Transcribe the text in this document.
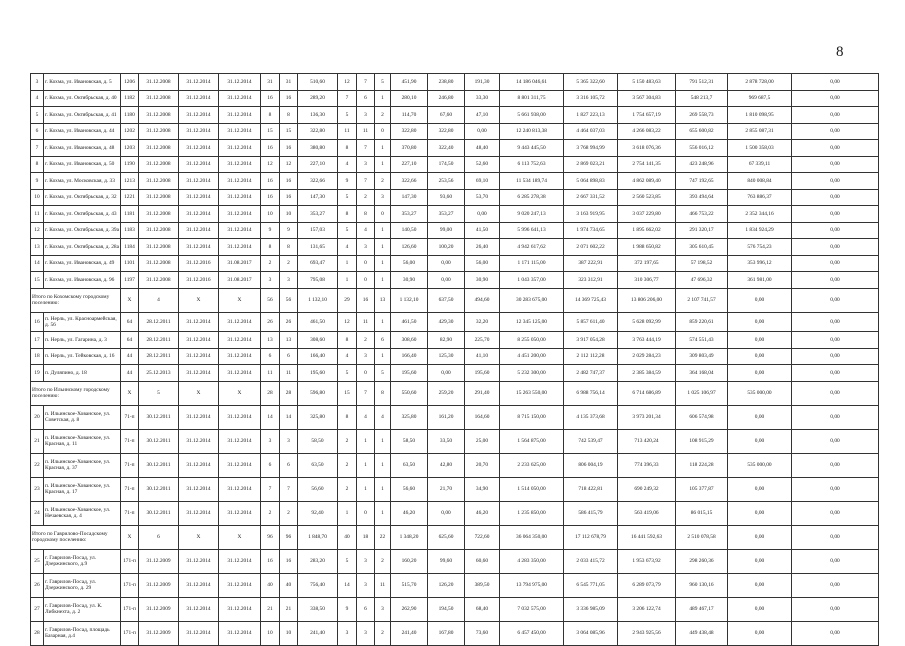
8
3	г. Кохма, ул. Ивановская, д. 5	1206	31.12.2008	31.12.2014	31.12.2014	31	31	510,60	12	7	5	451,90	238,80	191,30	14 186 046,61	5 365 322,60	5 150 483,63	791 512,31	2 878 728,00	0,00
4	г. Кохма, ул. Октябрьская, д. 40	1182	31.12.2008	31.12.2014	31.12.2014	16	16	289,20	7	6	1	280,10	246,80	33,30	8 801 311,75	3 316 105,72	3 567 304,83	548 213,7	969 687,5	0,00
5	г. Кохма, ул. Октябрьская, д. 41	1180	31.12.2008	31.12.2014	31.12.2014	8	8	136,30	5	3	2	114,70	67,60	47,10	5 661 938,00	1 827 223,13	1 754 657,19	269 558,73	1 810 098,95	0,00
6	г. Кохма, ул. Ивановская, д. 44	1202	31.12.2008	31.12.2014	31.12.2014	15	15	322,80	11	11	0	322,80	322,80	0,00	12 240 813,38	4 464 037,03	4 266 083,22	655 600,82	2 855 087,31	0,00
7	г. Кохма, ул. Ивановская, д. 48	1203	31.12.2008	31.12.2014	31.12.2014	16	16	380,80	8	7	1	370,80	322,40	48,40	9 443 445,50	3 768 994,99	3 618 076,36	556 016,12	1 500 358,03	0,00
8	г. Кохма, ул. Ивановская, д. 50	1190	31.12.2008	31.12.2014	31.12.2014	12	12	227,10	4	3	1	227,10	174,50	52,60	6 113 752,63	2 869 023,21	2 754 141,35	423 248,96	67 339,11	0,00
9	г. Кохма, ул. Московская, д. 33	1213	31.12.2008	31.12.2014	31.12.2014	16	16	322,66	9	7	2	322,66	253,56	69,10	11 534 189,74	5 064 898,83	4 862 089,40	747 192,65	840 008,84	0,00
10	г. Кохма, ул. Октябрьская, д. 32	1221	31.12.2008	31.12.2014	31.12.2014	16	16	147,30	5	2	3	147,30	93,60	53,70	6 285 278,38	2 667 331,52	2 560 523,85	393 494,64	763 886,37	0,00
11	г. Кохма, ул. Октябрьская, д. 43	1181	31.12.2008	31.12.2014	31.12.2014	10	10	353,27	8	8	0	353,27	353,27	0,00	9 020 247,13	3 163 919,95	3 037 229,80	466 753,22	2 352 344,16	0,00
12	г. Кохма, ул. Октябрьская, д. 39а	1183	31.12.2008	31.12.2014	31.12.2014	9	9	157,03	5	4	1	140,50	99,00	41,50	5 996 641,13	1 974 734,65	1 895 662,02	291 320,17	1 834 924,29	0,00
13	г. Кохма, ул. Октябрьская, д. 28а	1184	31.12.2008	31.12.2014	31.12.2014	8	8	131,65	4	3	1	126,60	100,20	26,40	4 942 617,62	2 071 602,22	1 988 650,82	305 610,45	576 754,23	0,00
14	г. Кохма, ул. Ивановская, д. 49	1101	31.12.2008	31.12.2016	31.08.2017	2	2	693,47	1	0	1	56,00	0,00	56,00	1 171 115,00	387 222,91	372 197,65	57 198,52	353 996,12	0,00
15	г. Кохма, ул. Ивановская, д. 96	1197	31.12.2008	31.12.2016	31.08.2017	3	3	795,08	1	0	1	30,90	0,00	30,90	1 043 357,00	323 312,91	310 306,77	47 696,32	361 981,00	0,00
Итого по Кохомскому городскому поселению:		X	4	X	X	56	56	1 132,10	29	16	13	1 132,10	637,50	494,60	30 283 675,00	14 369 725,43	13 806 206,00	2 107 741,57	0,00	0,00
16	п. Нерль, ул. Красноармейская, д. 56	64	28.12.2011	31.12.2014	31.12.2014	26	26	461,50	12	11	1	461,50	429,30	32,20	12 345 125,00	5 857 611,40	5 628 092,99	859 220,61	0,00	0,00
17	п. Нерль, ул. Гагарина, д. 3	64	28.12.2011	31.12.2014	31.12.2014	13	13	308,60	8	2	6	308,60	82,90	225,70	8 255 050,00	3 917 054,28	3 763 444,19	574 551,43	0,00	0,00
18	п. Нерль, ул. Тейковская, д. 16	44	28.12.2011	31.12.2014	31.12.2014	6	6	166,40	4	3	1	166,40	125,30	41,10	4 451 200,00	2 112 112,28	2 029 284,23	309 803,49	0,00	0,00
19	п. Дуляпино, д. 18	44	25.12.2013	31.12.2014	31.12.2014	11	11	195,60	5	0	5	195,60	0,00	195,60	5 232 300,00	2 482 747,37	2 385 384,59	364 168,04	0,00	0,00
Итого по Ильинскому городскому поселению:		X	5	X	X	28	28	596,80	15	7	8	550,60	259,20	291,40	15 263 550,00	6 988 756,14	6 714 686,89	1 025 106,97	535 000,00	0,00
20	п. Ильинское-Хованское, ул. Советская, д. 8	71-п	30.12.2011	31.12.2014	31.12.2014	14	14	325,80	8	4	4	325,80	161,20	164,60	8 715 150,00	4 135 373,68	3 973 201,34	606 574,98	0,00	0,00
21	п. Ильинское-Хованское, ул. Красная, д. 11	71-п	30.12.2011	31.12.2014	31.12.2014	3	3	58,50	2	1	1	58,50	33,50	25,00	1 564 875,00	742 539,47	713 420,24	108 915,29	0,00	0,00
22	п. Ильинское-Хованское, ул. Красная, д. 37	71-п	30.12.2011	31.12.2014	31.12.2014	6	6	63,50	2	1	1	63,50	42,80	20,70	2 233 625,00	806 004,19	774 396,33	118 224,28	535 000,00	0,00
23	п. Ильинское-Хованское, ул. Красная, д. 17	71-п	30.12.2011	31.12.2014	31.12.2014	7	7	56,60	2	1	1	56,60	21,70	34,90	1 514 050,00	718 422,81	690 249,32	105 377,87	0,00	0,00
24	п. Ильинское-Хованское, ул. Нечаевская, д. 4	71-п	30.12.2011	31.12.2014	31.12.2014	2	2	92,40	1	0	1	46,20	0,00	46,20	1 235 850,00	586 415,79	563 419,06	86 015,15	0,00	0,00
Итого по Гаврилово-Посадскому городскому поселению:		X	6	X	X	96	96	1 848,70	40	18	22	1 348,20	625,60	722,60	36 064 350,00	17 112 678,79	16 441 592,63	2 510 078,58	0,00	0,00
25	г. Гаврилов-Посад, ул. Дзержинского, д.9	171-п	31.12.2009	31.12.2014	31.12.2014	16	16	283,20	5	3	2	160,20	99,60	60,60	4 283 350,00	2 033 415,72	1 953 673,92	298 260,36	0,00	0,00
26	г. Гаврилов-Посад, ул. Дзержинского, д. 29	171-п	31.12.2009	31.12.2014	31.12.2014	40	40	756,40	14	3	11	515,70	126,20	389,50	13 794 975,00	6 545 771,05	6 289 073,79	960 130,16	0,00	0,00
27	г. Гаврилов-Посад, ул. К. Либкнехта, д. 2	171-п	31.12.2009	31.12.2014	31.12.2014	21	21	338,50	9	6	3	262,90	194,50	68,40	7 032 575,00	3 336 985,09	3 206 122,74	489 467,17	0,00	0,00
28	г. Гаврилов-Посад, площадь Базарная, д.4	171-п	31.12.2009	31.12.2014	31.12.2014	10	10	241,40	3	3	2	241,40	167,80	73,60	6 457 450,00	3 064 085,96	2 943 925,56	449 438,48	0,00	0,00
